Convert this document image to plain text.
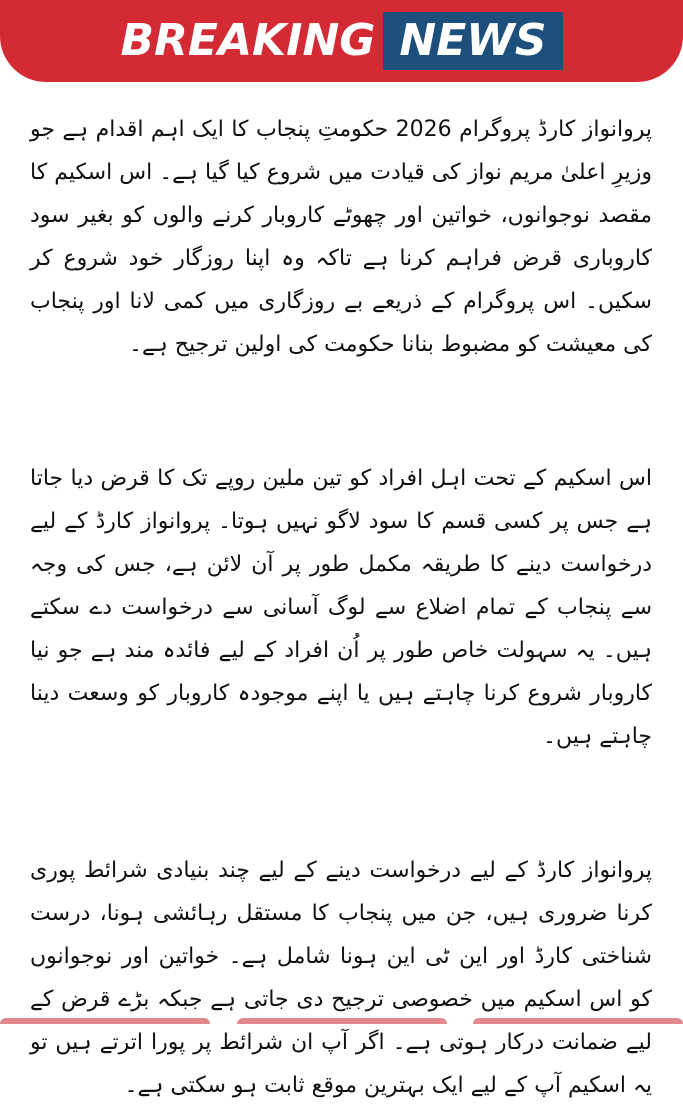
BREAKING NEWS

پروانواز کارڈ پروگرام 2026 حکومتِ پنجاب کا ایک اہم اقدام ہے جو وزیرِ اعلیٰ مریم نواز کی قیادت میں شروع کیا گیا ہے۔ اس اسکیم کا مقصد نوجوانوں، خواتین اور چھوٹے کاروبار کرنے والوں کو بغیر سود کاروباری قرض فراہم کرنا ہے تاکہ وہ اپنا روزگار خود شروع کر سکیں۔ اس پروگرام کے ذریعے بے روزگاری میں کمی لانا اور پنجاب کی معیشت کو مضبوط بنانا حکومت کی اولین ترجیح ہے۔

اس اسکیم کے تحت اہل افراد کو تین ملین روپے تک کا قرض دیا جاتا ہے جس پر کسی قسم کا سود لاگو نہیں ہوتا۔ پروانواز کارڈ کے لیے درخواست دینے کا طریقہ مکمل طور پر آن لائن ہے، جس کی وجہ سے پنجاب کے تمام اضلاع سے لوگ آسانی سے درخواست دے سکتے ہیں۔ یہ سہولت خاص طور پر اُن افراد کے لیے فائدہ مند ہے جو نیا کاروبار شروع کرنا چاہتے ہیں یا اپنے موجودہ کاروبار کو وسعت دینا چاہتے ہیں۔

پروانواز کارڈ کے لیے درخواست دینے کے لیے چند بنیادی شرائط پوری کرنا ضروری ہیں، جن میں پنجاب کا مستقل رہائشی ہونا، درست شناختی کارڈ اور این ٹی این ہونا شامل ہے۔ خواتین اور نوجوانوں کو اس اسکیم میں خصوصی ترجیح دی جاتی ہے جبکہ بڑے قرض کے لیے ضمانت درکار ہوتی ہے۔ اگر آپ ان شرائط پر پورا اترتے ہیں تو یہ اسکیم آپ کے لیے ایک بہترین موقع ثابت ہو سکتی ہے۔
